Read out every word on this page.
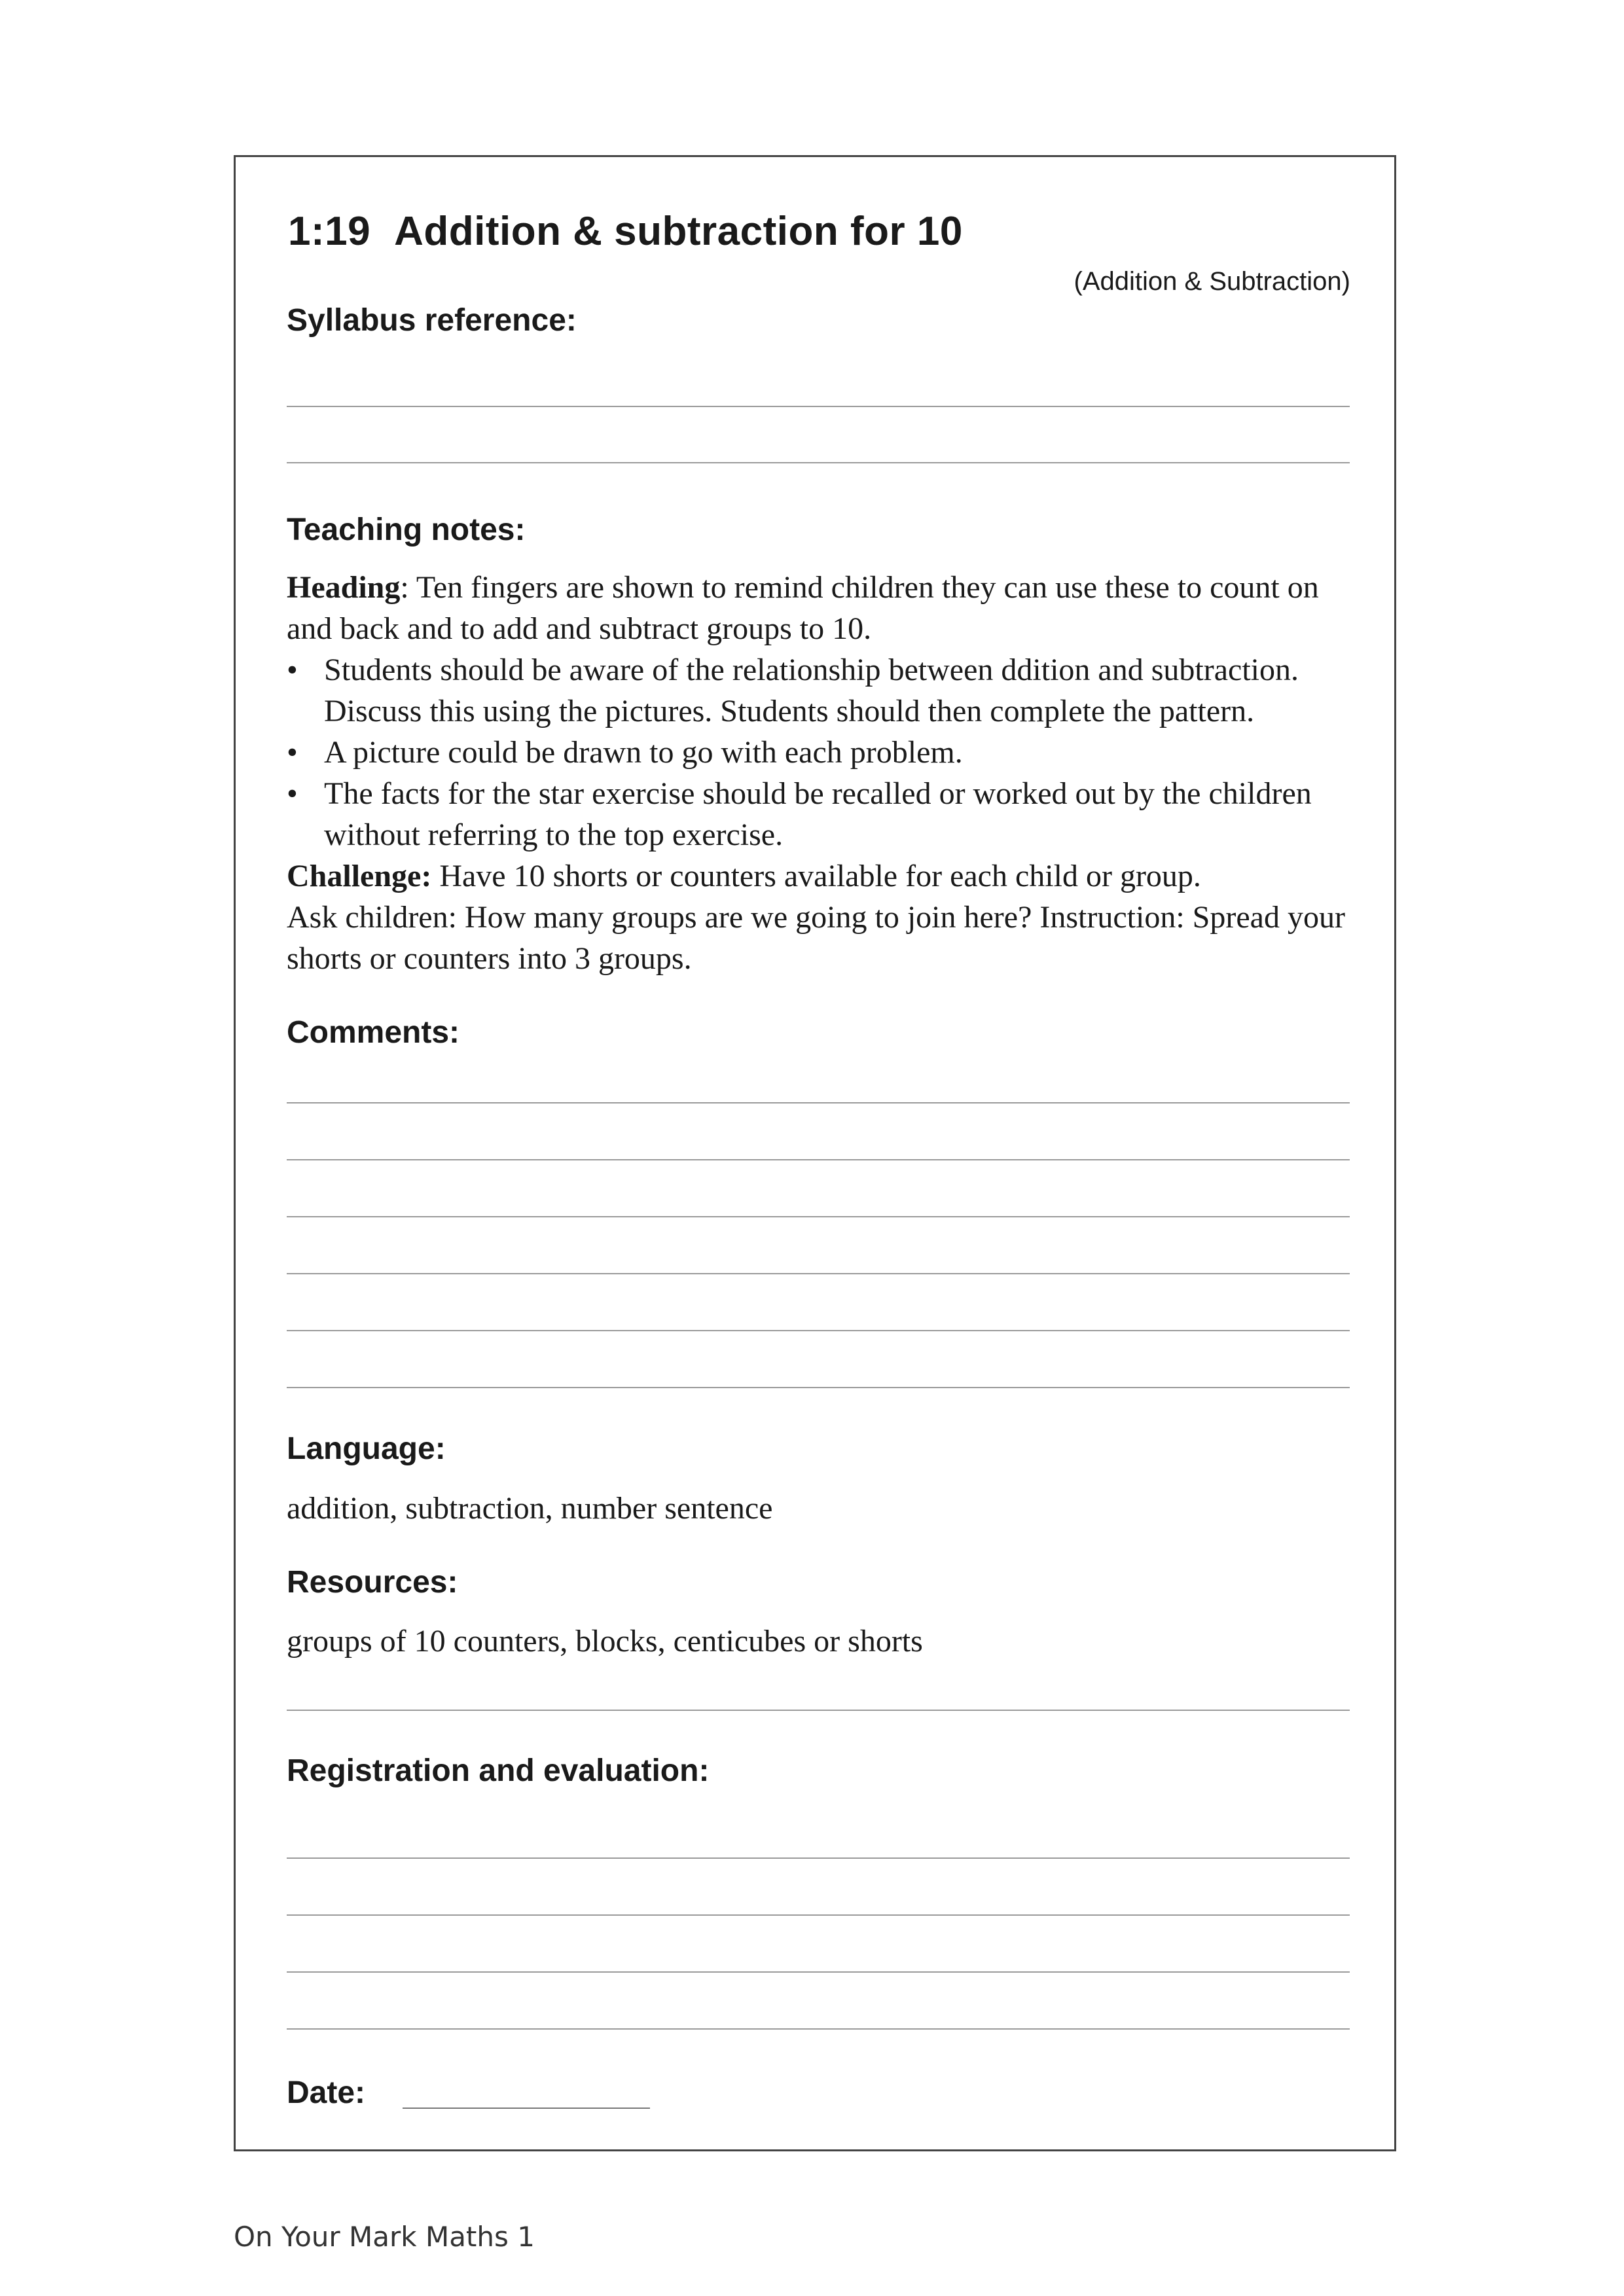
1:19 Addition & subtraction for 10
(Addition & Subtraction)
Syllabus reference:
Teaching notes:

Heading: Ten fingers are shown to remind children they can use these to count on and back and to add and subtract groups to 10.

• Students should be aware of the relationship between ddition and subtraction. Discuss this using the pictures. Students should then complete the pattern.

• A picture could be drawn to go with each problem.

• The facts for the star exercise should be recalled or worked out by the children without referring to the top exercise.

Challenge: Have 10 shorts or counters available for each child or group.

Ask children: How many groups are we going to join here? Instruction: Spread your shorts or counters into 3 groups.

Comments:
Language:
addition, subtraction, number sentence
Resources:
groups of 10 counters, blocks, centicubes or shorts
Registration and evaluation:
Date:
On Your Mark Maths 1
